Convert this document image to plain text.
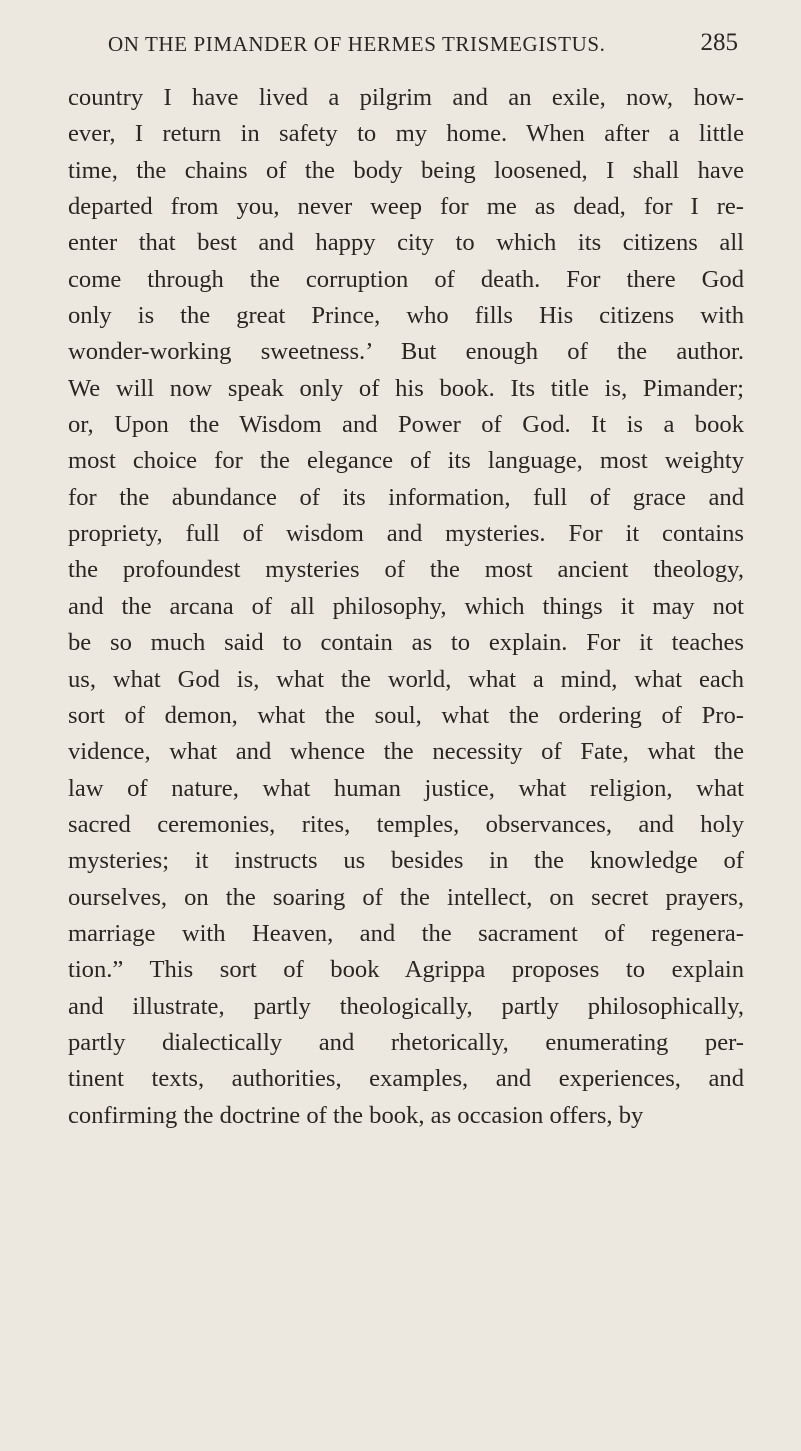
ON THE PIMANDER OF HERMES TRISMEGISTUS.	285
country I have lived a pilgrim and an exile, now, how-
ever, I return in safety to my home. When after a little
time, the chains of the body being loosened, I shall have
departed from you, never weep for me as dead, for I re-
enter that best and happy city to which its citizens all
come through the corruption of death. For there God
only is the great Prince, who fills His citizens with
wonder-working sweetness.’ But enough of the author.
We will now speak only of his book. Its title is, Pimander;
or, Upon the Wisdom and Power of God. It is a book
most choice for the elegance of its language, most weighty
for the abundance of its information, full of grace and
propriety, full of wisdom and mysteries. For it contains
the profoundest mysteries of the most ancient theology,
and the arcana of all philosophy, which things it may not
be so much said to contain as to explain. For it teaches
us, what God is, what the world, what a mind, what each
sort of demon, what the soul, what the ordering of Pro-
vidence, what and whence the necessity of Fate, what the
law of nature, what human justice, what religion, what
sacred ceremonies, rites, temples, observances, and holy
mysteries; it instructs us besides in the knowledge of
ourselves, on the soaring of the intellect, on secret prayers,
marriage with Heaven, and the sacrament of regenera-
tion.” This sort of book Agrippa proposes to explain
and illustrate, partly theologically, partly philosophically,
partly dialectically and rhetorically, enumerating per-
tinent texts, authorities, examples, and experiences, and
confirming the doctrine of the book, as occasion offers, by
